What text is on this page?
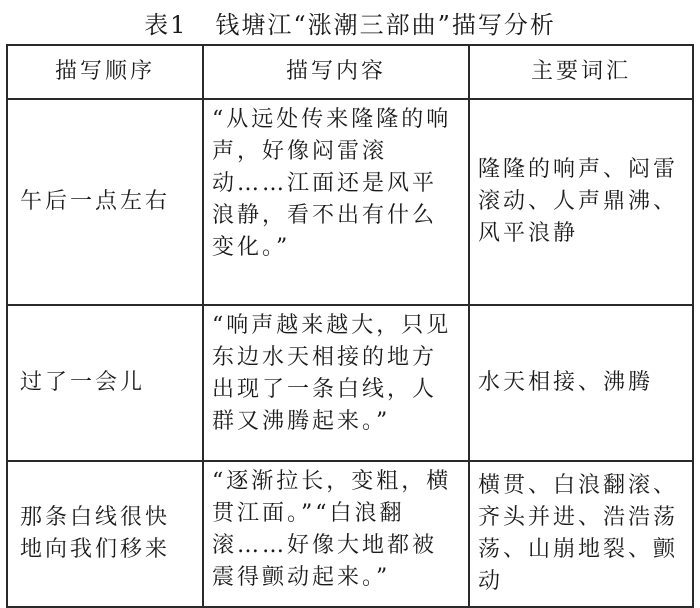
表1 钱塘江“涨潮三部曲”描写分析
描写顺序	描写内容	主要词汇
午后一点左右	“从远处传来隆隆的响声，好像闷雷滚动……江面还是风平浪静，看不出有什么变化。”	隆隆的响声、闷雷滚动、人声鼎沸、风平浪静
过了一会儿	“响声越来越大，只见东边水天相接的地方出现了一条白线，人群又沸腾起来。”	水天相接、沸腾
那条白线很快地向我们移来	“逐渐拉长，变粗，横贯江面。”“白浪翻滚……好像大地都被震得颤动起来。”	横贯、白浪翻滚、齐头并进、浩浩荡荡、山崩地裂、颤动
